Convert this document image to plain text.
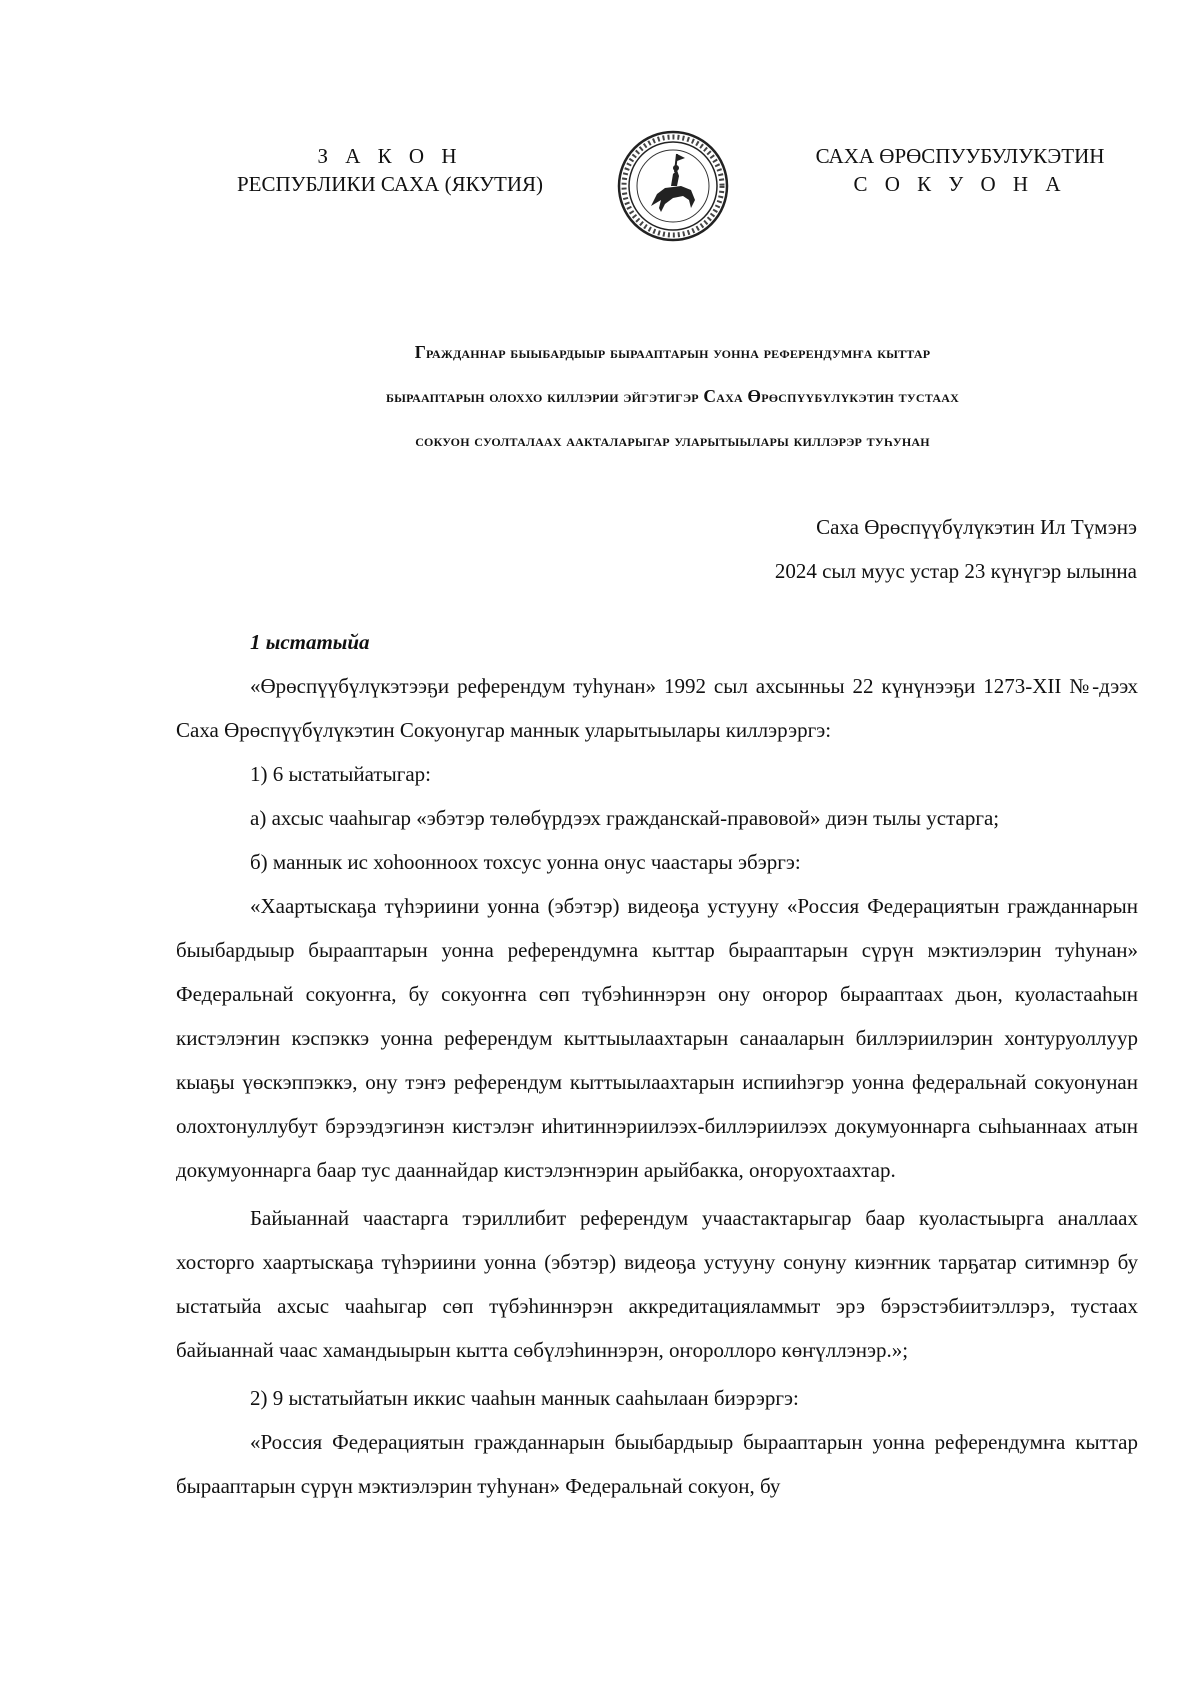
З А К О Н
РЕСПУБЛИКИ САХА (ЯКУТИЯ)
САХА ӨРӨСПУУБУЛУКЭТИН
С О К У О Н А
Гражданнар быыбардыыр бырааптарын уонна референдумҥа кыттар
бырааптарын олоххо киллэрии эйгэтигэр Саха Өрөспүүбүлүкэтин тустаах
сокуон суолталаах аакталарыгар уларытыылары киллэрэр туһунан
Саха Өрөспүүбүлүкэтин Ил Түмэнэ
2024 сыл муус устар 23 күнүгэр ылынна

1 ыстатыйа

«Өрөспүүбүлүкэтээҕи референдум туһунан» 1992 сыл ахсынньы 22 күнүнээҕи 1273-XII №-дээх Саха Өрөспүүбүлүкэтин Сокуонугар маннык уларытыылары киллэрэргэ:

1) 6 ыстатыйатыгар:

а) ахсыс чааһыгар «эбэтэр төлөбүрдээх гражданскай-правовой» диэн тылы устарга;

б) маннык ис хоһоонноох тохсус уонна онус чаастары эбэргэ:

«Хаартыскаҕа түһэриини уонна (эбэтэр) видеоҕа устууну «Россия Федерациятын гражданнарын быыбардыыр бырааптарын уонна референдумҥа кыттар бырааптарын сүрүн мэктиэлэрин туһунан» Федеральнай сокуоҥҥа, бу сокуоҥҥа сөп түбэһиннэрэн ону оҥорор бырааптаах дьон, куоластааһын кистэлэҥин кэспэккэ уонна референдум кыттыылаахтарын санааларын биллэриилэрин хонтуруоллуур кыаҕы үөскэппэккэ, ону тэҥэ референдум кыттыылаахтарын испииһэгэр уонна федеральнай сокуонунан олохтонуллубут бэрээдэгинэн кистэлэҥ иһитиннэриилээх-биллэриилээх докумуоннарга сыһыаннаах атын докумуоннарга баар тус дааннайдар кистэлэҥнэрин арыйбакка, оҥоруохтаахтар.

Байыаннай чаастарга тэриллибит референдум учаастактарыгар баар куоластыырга аналлаах хосторго хаартыскаҕа түһэриини уонна (эбэтэр) видеоҕа устууну сонуну киэҥник тарҕатар ситимнэр бу ыстатыйа ахсыс чааһыгар сөп түбэһиннэрэн аккредитацияламмыт эрэ бэрэстэбиитэллэрэ, тустаах байыаннай чаас хамандыырын кытта сөбүлэһиннэрэн, оҥороллоро көҥүллэнэр.»;

2) 9 ыстатыйатын иккис чааһын маннык сааһылаан биэрэргэ:

«Россия Федерациятын гражданнарын быыбардыыр бырааптарын уонна референдумҥа кыттар бырааптарын сүрүн мэктиэлэрин туһунан» Федеральнай сокуон, бу
